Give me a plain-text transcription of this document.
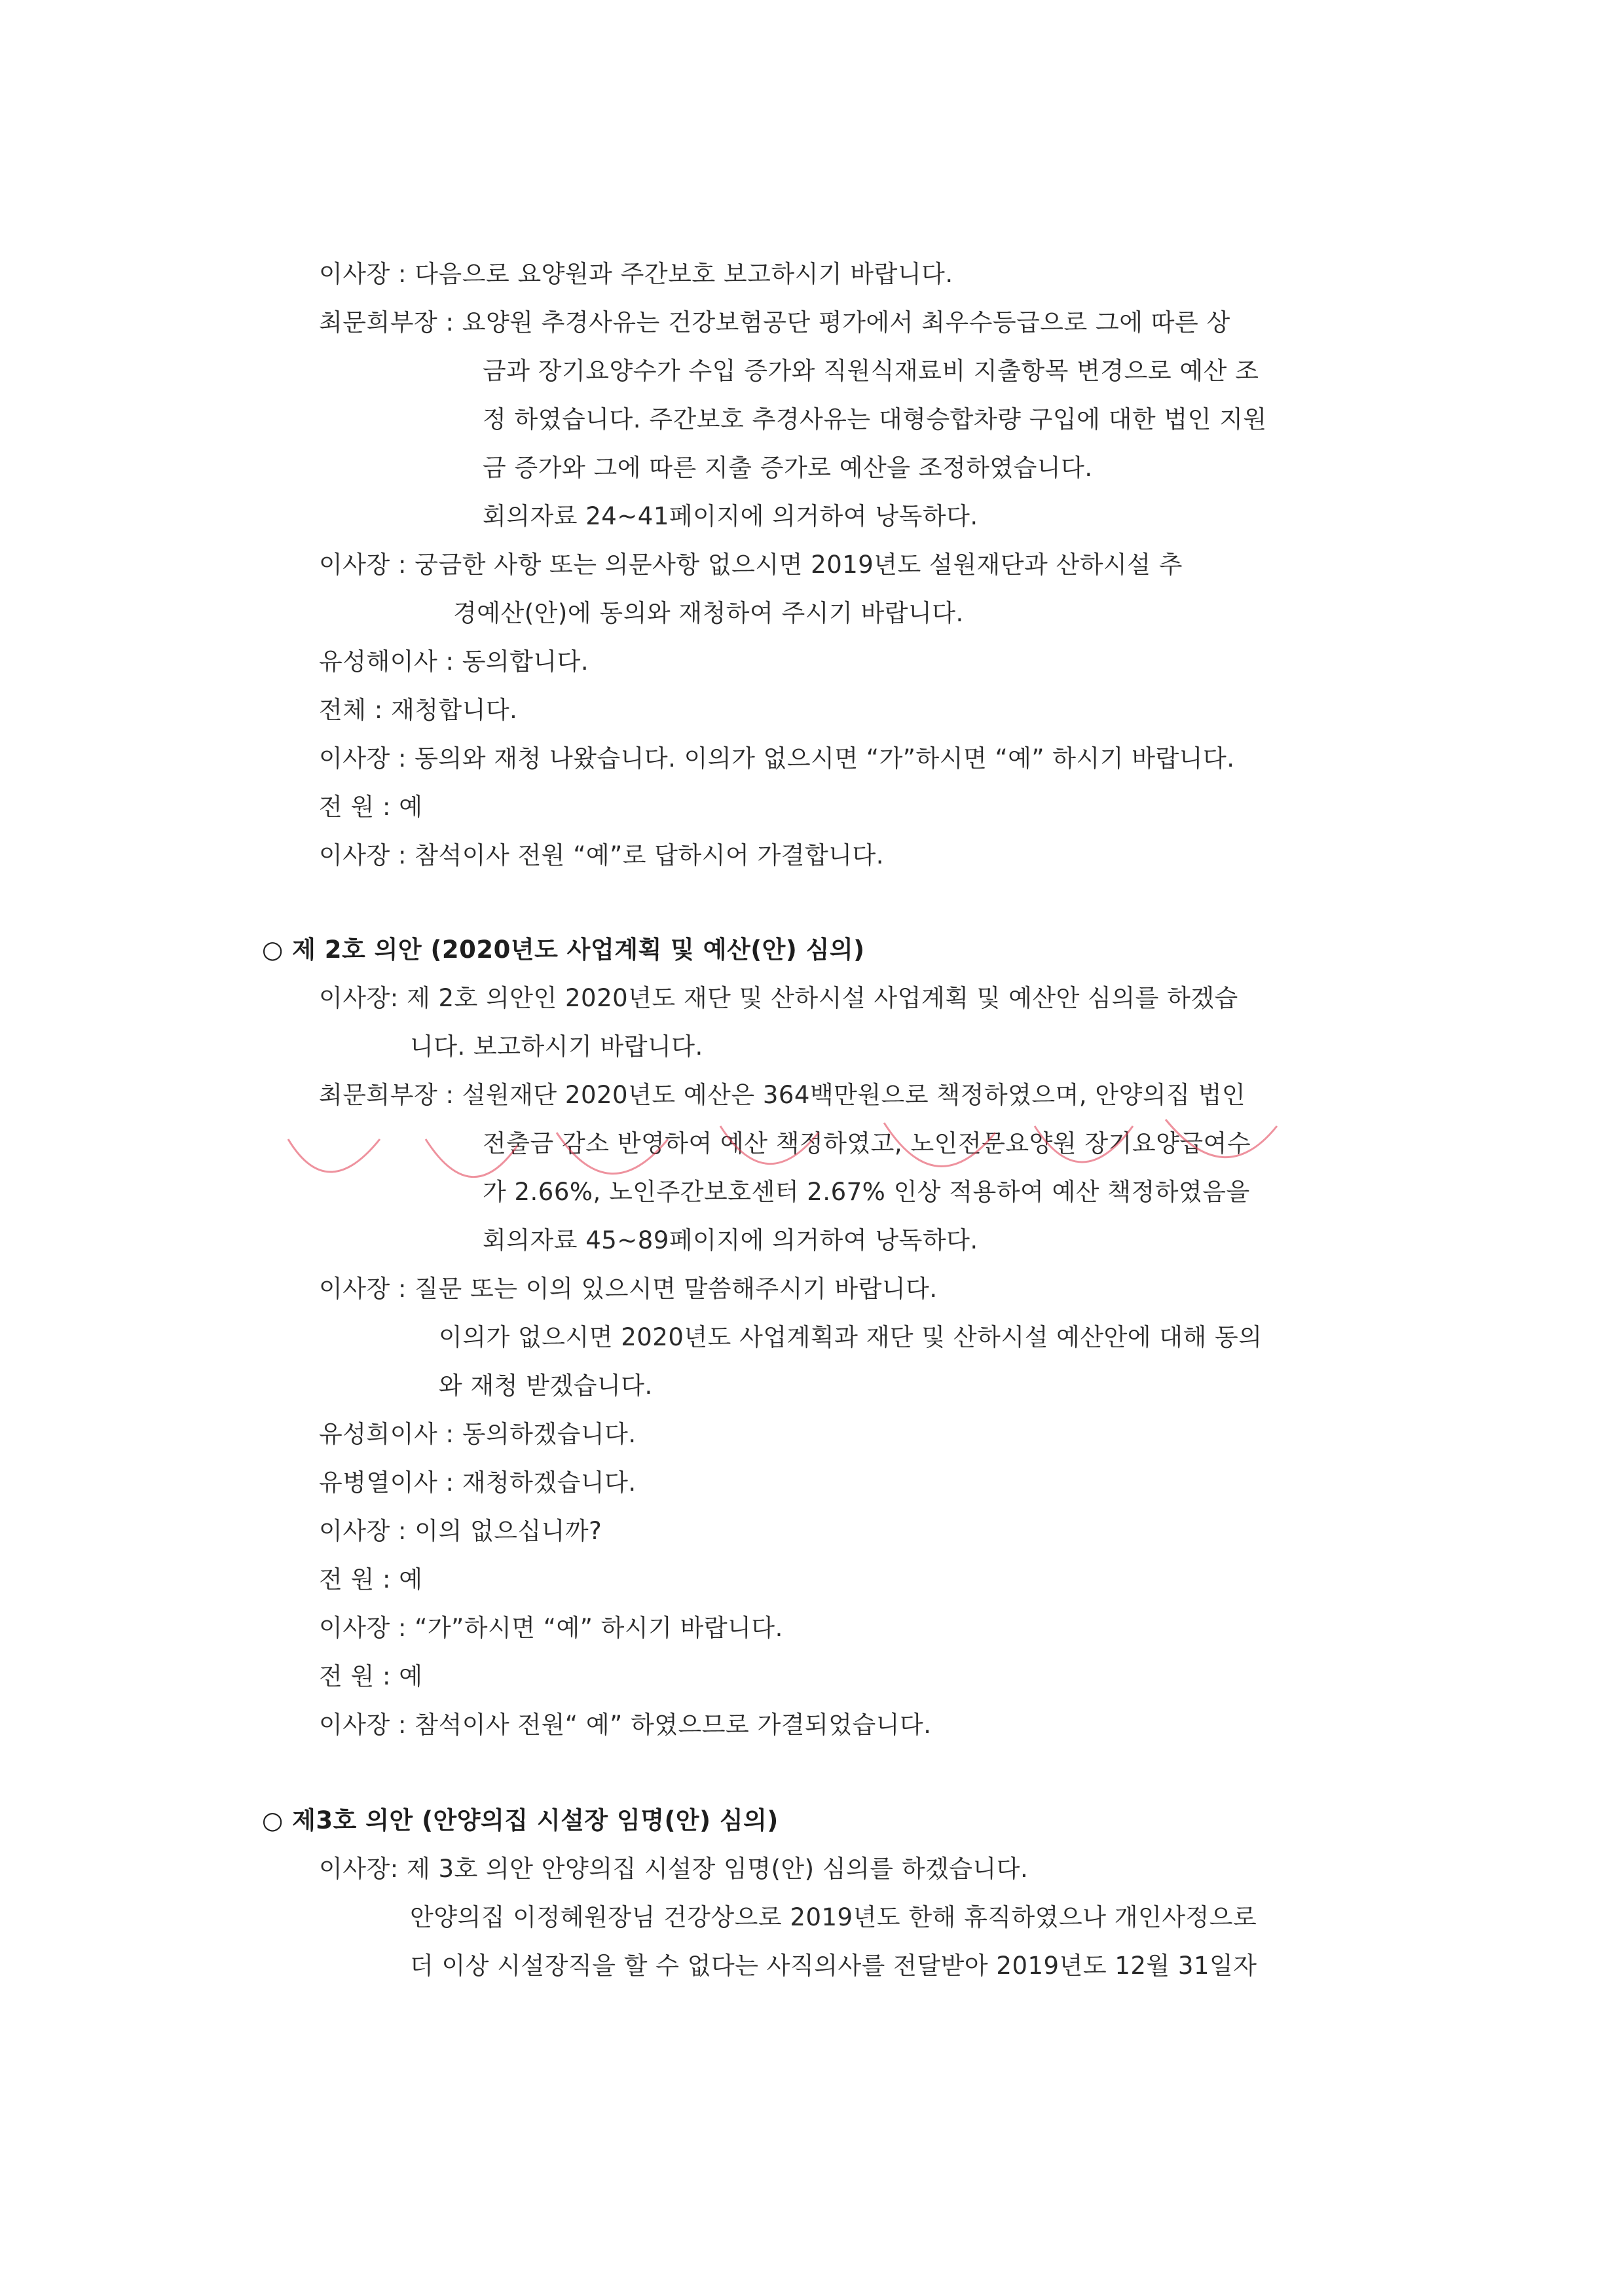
이사장 : 다음으로 요양원과 주간보호 보고하시기 바랍니다.
최문희부장 : 요양원 추경사유는 건강보험공단 평가에서 최우수등급으로 그에 따른 상
금과 장기요양수가 수입 증가와 직원식재료비 지출항목 변경으로 예산 조
정 하였습니다. 주간보호 추경사유는 대형승합차량 구입에 대한 법인 지원
금 증가와 그에 따른 지출 증가로 예산을 조정하였습니다.
회의자료 24~41페이지에 의거하여 낭독하다.
이사장 : 궁금한 사항 또는 의문사항 없으시면 2019년도 설원재단과 산하시설 추
경예산(안)에 동의와 재청하여 주시기 바랍니다.
유성해이사 : 동의합니다.
전체 : 재청합니다.
이사장 : 동의와 재청 나왔습니다. 이의가 없으시면 “가”하시면 “예” 하시기 바랍니다.
전 원 : 예
이사장 : 참석이사 전원 “예”로 답하시어 가결합니다.
○ 제 2호 의안 (2020년도 사업계획 및 예산(안) 심의)
이사장: 제 2호 의안인 2020년도 재단 및 산하시설 사업계획 및 예산안 심의를 하겠습
니다. 보고하시기 바랍니다.
최문희부장 : 설원재단 2020년도 예산은 364백만원으로 책정하였으며, 안양의집 법인
전출금 감소 반영하여 예산 책정하였고, 노인전문요양원 장기요양급여수
가 2.66%, 노인주간보호센터 2.67% 인상 적용하여 예산 책정하였음을
회의자료 45~89페이지에 의거하여 낭독하다.
이사장 : 질문 또는 이의 있으시면 말씀해주시기 바랍니다.
이의가 없으시면 2020년도 사업계획과 재단 및 산하시설 예산안에 대해 동의
와 재청 받겠습니다.
유성희이사 : 동의하겠습니다.
유병열이사 : 재청하겠습니다.
이사장 : 이의 없으십니까?
전 원 : 예
이사장 : “가”하시면 “예” 하시기 바랍니다.
전 원 : 예
이사장 : 참석이사 전원“ 예” 하였으므로 가결되었습니다.
○ 제3호 의안 (안양의집 시설장 임명(안) 심의)
이사장: 제 3호 의안 안양의집 시설장 임명(안) 심의를 하겠습니다.
안양의집 이정혜원장님 건강상으로 2019년도 한해 휴직하였으나 개인사정으로
더 이상 시설장직을 할 수 없다는 사직의사를 전달받아 2019년도 12월 31일자
